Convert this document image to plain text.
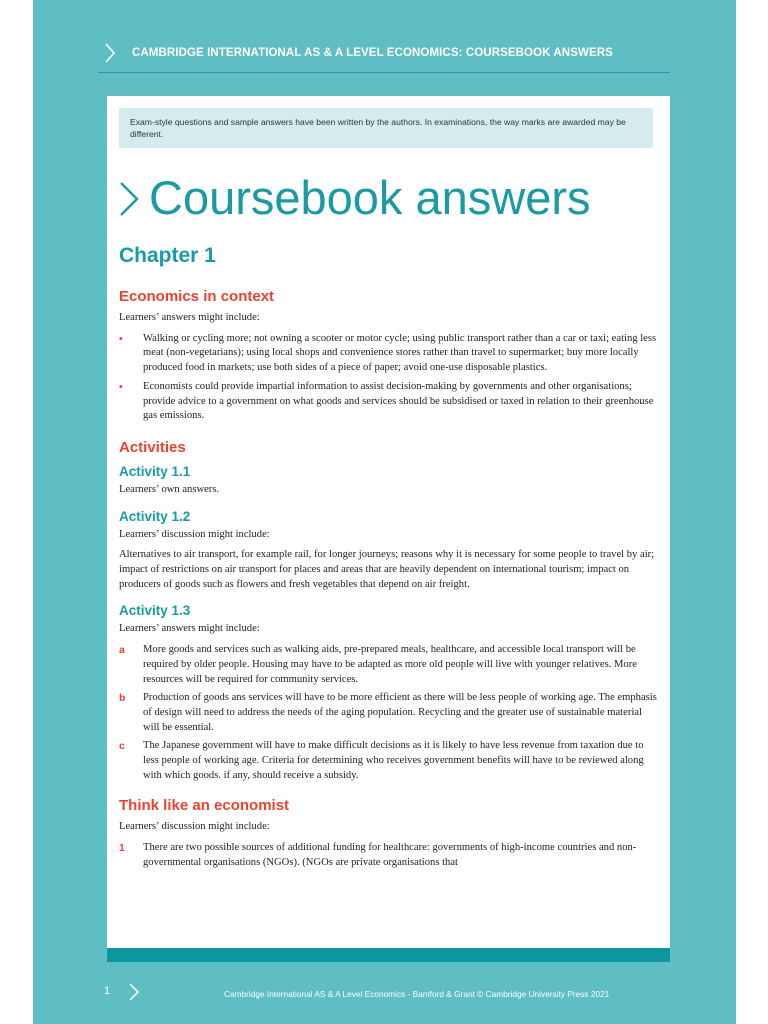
CAMBRIDGE INTERNATIONAL AS & A LEVEL ECONOMICS: COURSEBOOK ANSWERS
Exam-style questions and sample answers have been written by the authors. In examinations, the way marks are awarded may be different.
Coursebook answers
Chapter 1
Economics in context

Learners’ answers might include:

• Walking or cycling more; not owning a scooter or motor cycle; using public transport rather than a car or taxi; eating less meat (non-vegetarians); using local shops and convenience stores rather than travel to supermarket; buy more locally produced food in markets; use both sides of a piece of paper; avoid one-use disposable plastics.
• Economists could provide impartial information to assist decision-making by governments and other organisations; provide advice to a government on what goods and services should be subsidised or taxed in relation to their greenhouse gas emissions.
Activities
Activity 1.1

Learners’ own answers.

Activity 1.2

Learners’ discussion might include:

Alternatives to air transport, for example rail, for longer journeys; reasons why it is necessary for some people to travel by air; impact of restrictions on air transport for places and areas that are heavily dependent on international tourism; impact on producers of goods such as flowers and fresh vegetables that depend on air freight.

Activity 1.3

Learners’ answers might include:

a More goods and services such as walking aids, pre-prepared meals, healthcare, and accessible local transport will be required by older people. Housing may have to be adapted as more old people will live with younger relatives. More resources will be required for community services.
b Production of goods ans services will have to be more efficient as there will be less people of working age. The emphasis of design will need to address the needs of the aging population. Recycling and the greater use of sustainable material will be essential.
c The Japanese government will have to make difficult decisions as it is likely to have less revenue from taxation due to less people of working age. Criteria for determining who receives government benefits will have to be reviewed along with which goods. if any, should receive a subsidy.
Think like an economist

Learners’ discussion might include:

1 There are two possible sources of additional funding for healthcare: governments of high-income countries and non-governmental organisations (NGOs). (NGOs are private organisations that
1	Cambridge International AS & A Level Economics - Bamford & Grant © Cambridge University Press 2021
